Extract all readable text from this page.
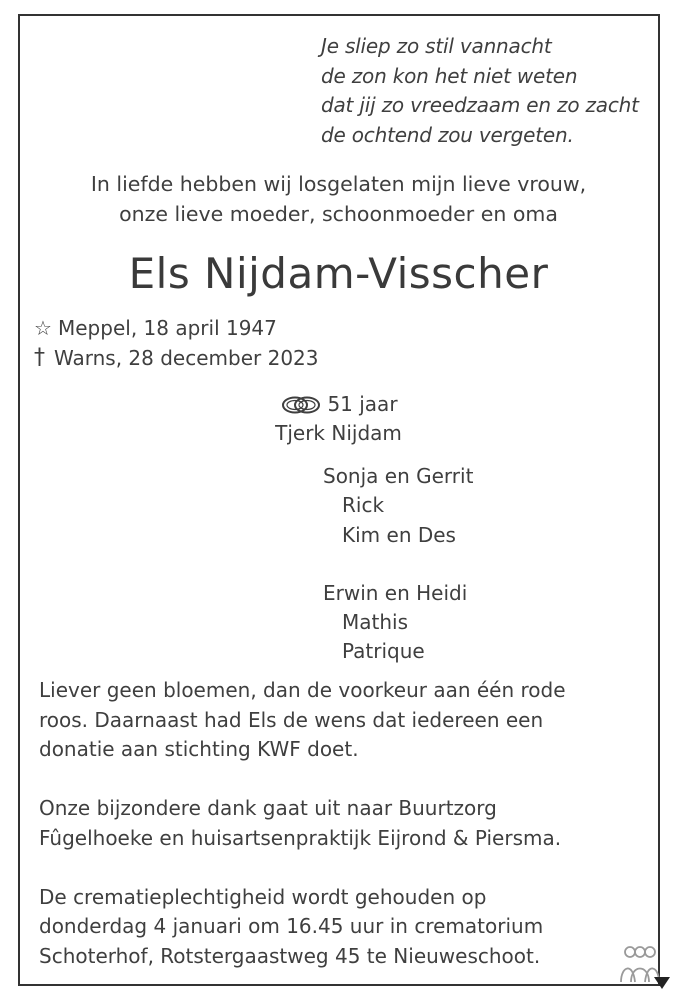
Je sliep zo stil vannacht
de zon kon het niet weten
dat jij zo vreedzaam en zo zacht
de ochtend zou vergeten.
In liefde hebben wij losgelaten mijn lieve vrouw,
onze lieve moeder, schoonmoeder en oma
Els Nijdam-Visscher
☆ Meppel, 18 april 1947
† Warns, 28 december 2023
51 jaar
Tjerk Nijdam
Sonja en Gerrit
Rick
Kim en Des
Erwin en Heidi
Mathis
Patrique

Liever geen bloemen, dan de voorkeur aan één rode
roos. Daarnaast had Els de wens dat iedereen een
donatie aan stichting KWF doet.

Onze bijzondere dank gaat uit naar Buurtzorg
Fûgelhoeke en huisartsenpraktijk Eijrond & Piersma.

De crematieplechtigheid wordt gehouden op
donderdag 4 januari om 16.45 uur in crematorium
Schoterhof, Rotstergaastweg 45 te Nieuweschoot.
